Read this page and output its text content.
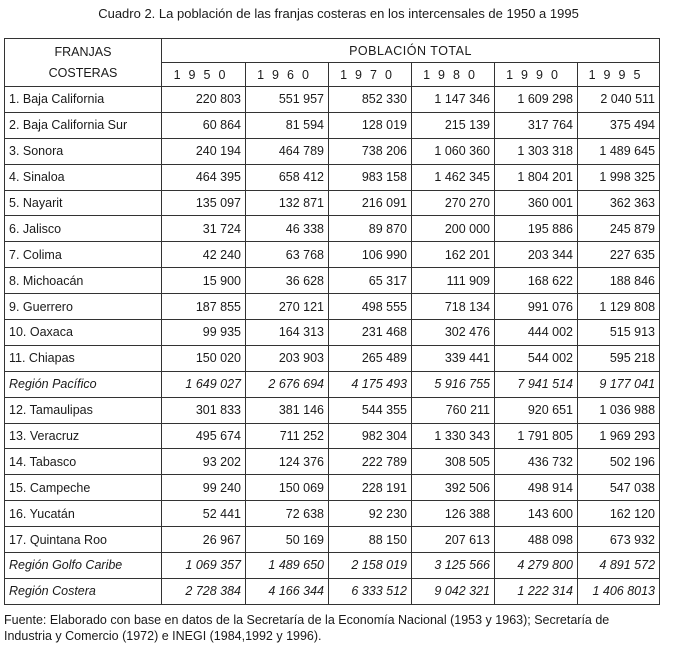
Cuadro 2. La población de las franjas costeras en los intercensales de 1950 a 1995
FRANJAS
COSTERAS	POBLACIÓN TOTAL					
	1950	1960	1970	1980	1990	1995
1. Baja California	220 803	551 957	852 330	1 147 346	1 609 298	2 040 511
2. Baja California Sur	60 864	81 594	128 019	215 139	317 764	375 494
3. Sonora	240 194	464 789	738 206	1 060 360	1 303 318	1 489 645
4. Sinaloa	464 395	658 412	983 158	1 462 345	1 804 201	1 998 325
5. Nayarit	135 097	132 871	216 091	270 270	360 001	362 363
6. Jalisco	31 724	46 338	89 870	200 000	195 886	245 879
7. Colima	42 240	63 768	106 990	162 201	203 344	227 635
8. Michoacán	15 900	36 628	65 317	111 909	168 622	188 846
9. Guerrero	187 855	270 121	498 555	718 134	991 076	1 129 808
10. Oaxaca	99 935	164 313	231 468	302 476	444 002	515 913
11. Chiapas	150 020	203 903	265 489	339 441	544 002	595 218
Región Pacífico	1 649 027	2 676 694	4 175 493	5 916 755	7 941 514	9 177 041
12. Tamaulipas	301 833	381 146	544 355	760 211	920 651	1 036 988
13. Veracruz	495 674	711 252	982 304	1 330 343	1 791 805	1 969 293
14. Tabasco	93 202	124 376	222 789	308 505	436 732	502 196
15. Campeche	99 240	150 069	228 191	392 506	498 914	547 038
16. Yucatán	52 441	72 638	92 230	126 388	143 600	162 120
17. Quintana Roo	26 967	50 169	88 150	207 613	488 098	673 932
Región Golfo Caribe	1 069 357	1 489 650	2 158 019	3 125 566	4 279 800	4 891 572
Región Costera	2 728 384	4 166 344	6 333 512	9 042 321	1 222 314	1 406 8013
Fuente: Elaborado con base en datos de la Secretaría de la Economía Nacional (1953 y 1963); Secretaría de
Industria y Comercio (1972) e INEGI (1984,1992 y 1996).
